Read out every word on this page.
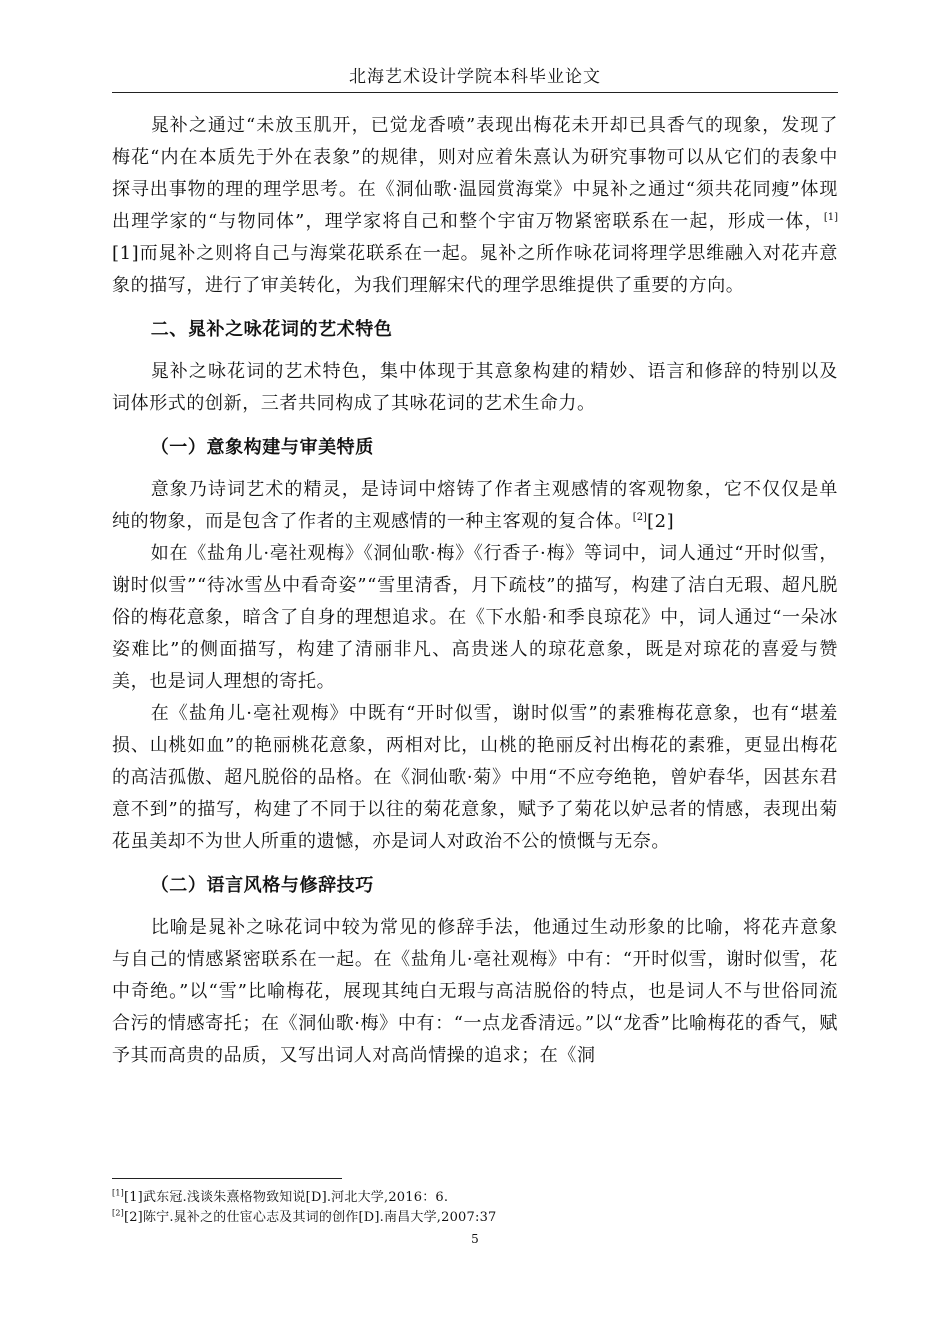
北海艺术设计学院本科毕业论文

晁补之通过“未放玉肌开，已觉龙香喷”表现出梅花未开却已具香气的现象，发现了梅花“内在本质先于外在表象”的规律，则对应着朱熹认为研究事物可以从它们的表象中探寻出事物的理的理学思考。在《洞仙歌·温园赏海棠》中晁补之通过“须共花同瘦”体现出理学家的“与物同体”，理学家将自己和整个宇宙万物紧密联系在一起，形成一体，[1][1]而晁补之则将自己与海棠花联系在一起。晁补之所作咏花词将理学思维融入对花卉意象的描写，进行了审美转化，为我们理解宋代的理学思维提供了重要的方向。

二、晁补之咏花词的艺术特色

晁补之咏花词的艺术特色，集中体现于其意象构建的精妙、语言和修辞的特别以及词体形式的创新，三者共同构成了其咏花词的艺术生命力。

（一）意象构建与审美特质

意象乃诗词艺术的精灵，是诗词中熔铸了作者主观感情的客观物象，它不仅仅是单纯的物象，而是包含了作者的主观感情的一种主客观的复合体。[2][2]

如在《盐角儿·亳社观梅》《洞仙歌·梅》《行香子·梅》等词中，词人通过“开时似雪，谢时似雪”“待冰雪丛中看奇姿”“雪里清香，月下疏枝”的描写，构建了洁白无瑕、超凡脱俗的梅花意象，暗含了自身的理想追求。在《下水船·和季良琼花》中，词人通过“一朵冰姿难比”的侧面描写，构建了清丽非凡、高贵迷人的琼花意象，既是对琼花的喜爱与赞美，也是词人理想的寄托。

在《盐角儿·亳社观梅》中既有“开时似雪，谢时似雪”的素雅梅花意象，也有“堪羞损、山桃如血”的艳丽桃花意象，两相对比，山桃的艳丽反衬出梅花的素雅，更显出梅花的高洁孤傲、超凡脱俗的品格。在《洞仙歌·菊》中用“不应夸绝艳，曾妒春华，因甚东君意不到”的描写，构建了不同于以往的菊花意象，赋予了菊花以妒忌者的情感，表现出菊花虽美却不为世人所重的遗憾，亦是词人对政治不公的愤慨与无奈。

（二）语言风格与修辞技巧

比喻是晁补之咏花词中较为常见的修辞手法，他通过生动形象的比喻，将花卉意象与自己的情感紧密联系在一起。在《盐角儿·亳社观梅》中有：“开时似雪，谢时似雪，花中奇绝。”以“雪”比喻梅花，展现其纯白无瑕与高洁脱俗的特点，也是词人不与世俗同流合污的情感寄托；在《洞仙歌·梅》中有：“一点龙香清远。”以“龙香”比喻梅花的香气，赋予其而高贵的品质，又写出词人对高尚情操的追求；在《洞

[1][1]武东冠.浅谈朱熹格物致知说[D].河北大学,2016：6.

[2][2]陈宁.晁补之的仕宦心志及其词的创作[D].南昌大学,2007:37

5
